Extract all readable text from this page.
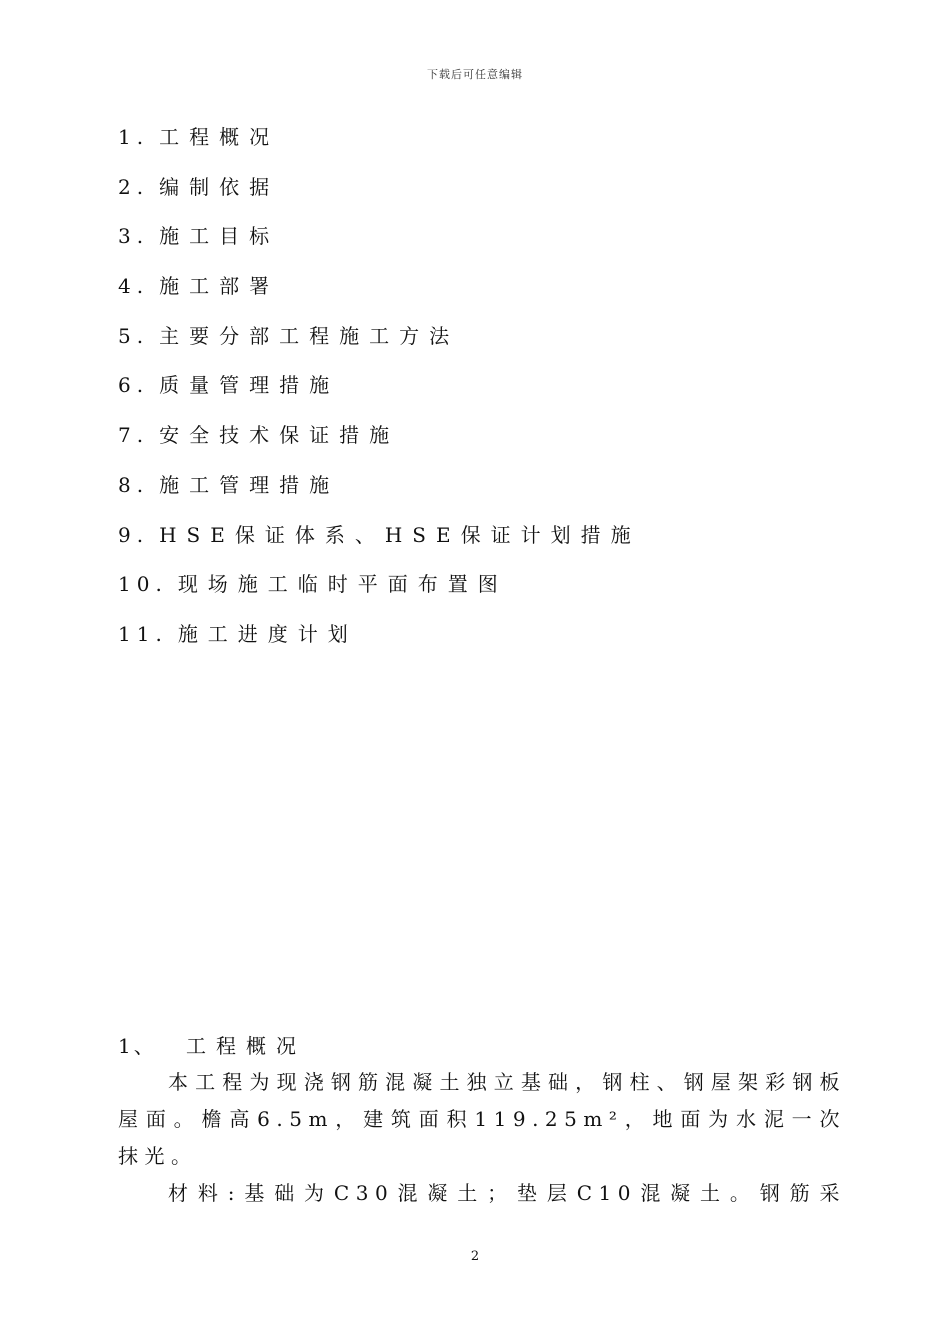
下载后可任意编辑
1. 工程概况
2. 编制依据
3. 施工目标
4. 施工部署
5. 主要分部工程施工方法
6. 质量管理措施
7. 安全技术保证措施
8. 施工管理措施
9. HSE保证体系、HSE保证计划措施
10. 现场施工临时平面布置图
11. 施工进度计划
1、 工程概况

本工程为现浇钢筋混凝土独立基础，钢柱、钢屋架彩钢板屋面。檐高6.5m，建筑面积119.25m²，地面为水泥一次抹光。

材料:基础为C30混凝土；垫层C10混凝土。钢筋采

2
